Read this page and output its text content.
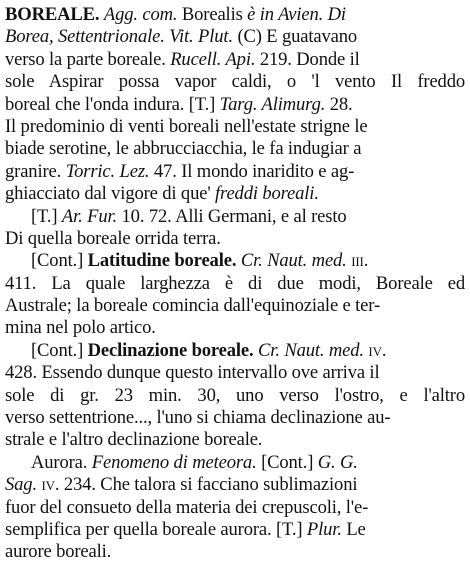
BOREALE. Agg. com. Borealis è in Avien. Di
Borea, Settentrionale. Vit. Plut. (C) E guatavano
verso la parte boreale. Rucell. Api. 219. Donde il
sole Aspirar possa vapor caldi, o 'l vento Il freddo
boreal che l'onda indura. [T.] Targ. Alimurg. 28.
Il predominio di venti boreali nell'estate strigne le
biade serotine, le abbrucciacchia, le fa indugiar a
granire. Torric. Lez. 47. Il mondo inaridito e ag-
ghiacciato dal vigore di que' freddi boreali.
[T.] Ar. Fur. 10. 72. Alli Germani, e al resto
Di quella boreale orrida terra.
[Cont.] Latitudine boreale. Cr. Naut. med. iii.
411. La quale larghezza è di due modi, Boreale ed
Australe; la boreale comincia dall'equinoziale e ter-
mina nel polo artico.
[Cont.] Declinazione boreale. Cr. Naut. med. iv.
428. Essendo dunque questo intervallo ove arriva il
sole di gr. 23 min. 30, uno verso l'ostro, e l'altro
verso settentrione..., l'uno si chiama declinazione au-
strale e l'altro declinazione boreale.
Aurora. Fenomeno di meteora. [Cont.] G. G.
Sag. iv. 234. Che talora si facciano sublimazioni
fuor del consueto della materia dei crepuscoli, l'e-
semplifica per quella boreale aurora. [T.] Plur. Le
aurore boreali.
